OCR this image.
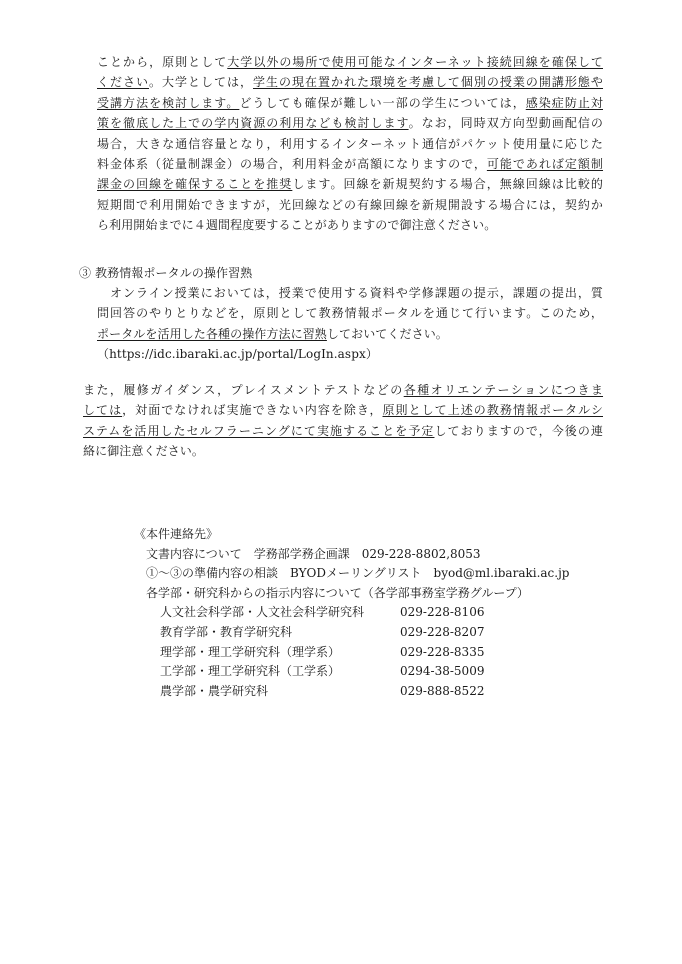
ことから，原則として大学以外の場所で使用可能なインターネット接続回線を確保して
ください。大学としては，学生の現在置かれた環境を考慮して個別の授業の開講形態や
受講方法を検討します。どうしても確保が難しい一部の学生については，感染症防止対
策を徹底した上での学内資源の利用なども検討します。なお，同時双方向型動画配信の
場合，大きな通信容量となり，利用するインターネット通信がパケット使用量に応じた
料金体系（従量制課金）の場合，利用料金が高額になりますので，可能であれば定額制
課金の回線を確保することを推奨します。回線を新規契約する場合，無線回線は比較的
短期間で利用開始できますが，光回線などの有線回線を新規開設する場合には，契約か
ら利用開始までに４週間程度要することがありますので御注意ください。
③ 教務情報ポータルの操作習熟
　オンライン授業においては，授業で使用する資料や学修課題の提示，課題の提出，質
問回答のやりとりなどを，原則として教務情報ポータルを通じて行います。このため，
ポータルを活用した各種の操作方法に習熟しておいてください。
（https://idc.ibaraki.ac.jp/portal/LogIn.aspx）
また，履修ガイダンス，プレイスメントテストなどの各種オリエンテーションにつきま
しては，対面でなければ実施できない内容を除き，原則として上述の教務情報ポータルシ
ステムを活用したセルフラーニングにて実施することを予定しておりますので，今後の連
絡に御注意ください。
《本件連絡先》
文書内容について　学務部学務企画課　029-228-8802,8053
①～③の準備内容の相談　BYODメーリングリスト　byod@ml.ibaraki.ac.jp
各学部・研究科からの指示内容について（各学部事務室学務グループ）
人文社会科学部・人文社会科学研究科	029-228-8106
教育学部・教育学研究科	029-228-8207
理学部・理工学研究科（理学系）	029-228-8335
工学部・理工学研究科（工学系）	0294-38-5009
農学部・農学研究科	029-888-8522
